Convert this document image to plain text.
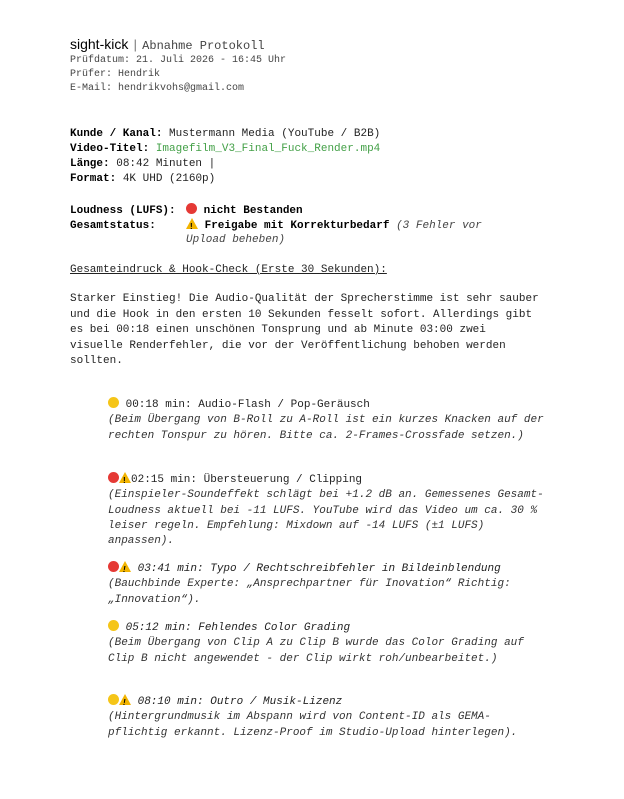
sight-kick | Abnahme Protokoll
Prüfdatum: 21. Juli 2026 - 16:45 Uhr
Prüfer: Hendrik
E-Mail: hendrikvohs@gmail.com
Kunde / Kanal: Mustermann Media (YouTube / B2B)
Video-Titel: Imagefilm_V3_Final_Fuck_Render.mp4
Länge: 08:42 Minuten |
Format: 4K UHD (2160p)
Loudness (LUFS):	nicht Bestanden
Gesamtstatus:!	Freigabe mit Korrekturbedarf (3 Fehler vor
Upload beheben)
Gesamteindruck & Hook-Check (Erste 30 Sekunden):
Starker Einstieg! Die Audio-Qualität der Sprecherstimme ist sehr sauber und die Hook in den ersten 10 Sekunden fesselt sofort. Allerdings gibt es bei 00:18 einen unschönen Tonsprung und ab Minute 03:00 zwei visuelle Renderfehler, die vor der Veröffentlichung behoben werden sollten.
00:18 min: Audio-Flash / Pop-Geräusch
(Beim Übergang von B-Roll zu A-Roll ist ein kurzes Knacken auf der rechten Tonspur zu hören. Bitte ca. 2-Frames-Crossfade setzen.)
!02:15 min: Übersteuerung / Clipping
(Einspieler-Soundeffekt schlägt bei +1.2 dB an. Gemessenes Gesamt-Loudness aktuell bei -11 LUFS. YouTube wird das Video um ca. 30 % leiser regeln. Empfehlung: Mixdown auf -14 LUFS (±1 LUFS) anpassen).
! 03:41 min: Typo / Rechtschreibfehler in Bildeinblendung
(Bauchbinde Experte: „Ansprechpartner für Inovation“ Richtig: „Innovation“).
05:12 min: Fehlendes Color Grading
(Beim Übergang von Clip A zu Clip B wurde das Color Grading auf Clip B nicht angewendet - der Clip wirkt roh/unbearbeitet.)
! 08:10 min: Outro / Musik-Lizenz
(Hintergrundmusik im Abspann wird von Content-ID als GEMA-pflichtig erkannt. Lizenz-Proof im Studio-Upload hinterlegen).
